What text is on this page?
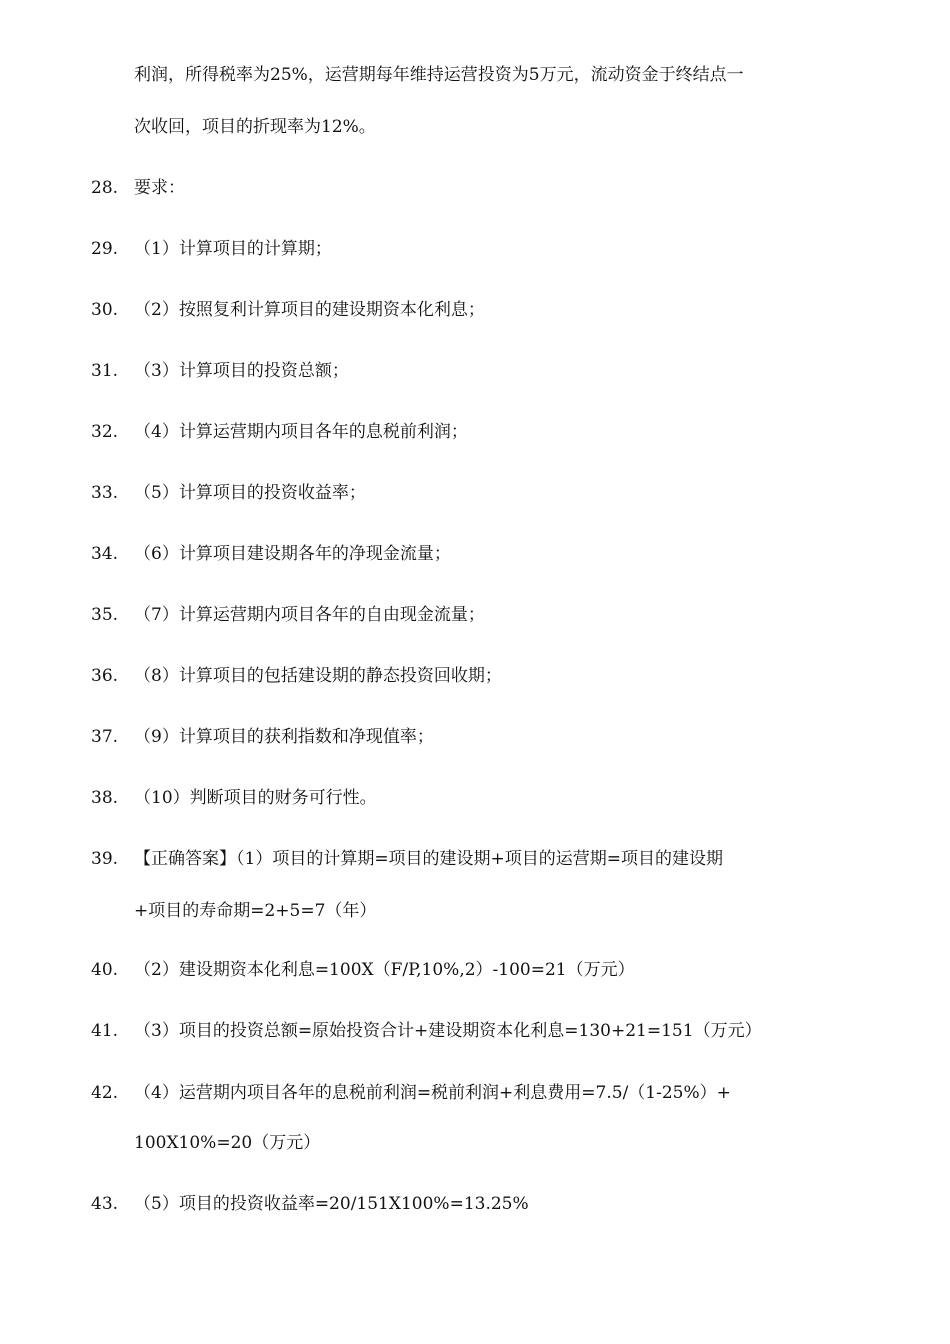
利润，所得税率为25%，运营期每年维持运营投资为5万元，流动资金于终结点一
次收回，项目的折现率为12%。
28. 要求：
29. （1）计算项目的计算期；
30. （2）按照复利计算项目的建设期资本化利息；
31. （3）计算项目的投资总额；
32. （4）计算运营期内项目各年的息税前利润；
33. （5）计算项目的投资收益率；
34. （6）计算项目建设期各年的净现金流量；
35. （7）计算运营期内项目各年的自由现金流量；
36. （8）计算项目的包括建设期的静态投资回收期；
37. （9）计算项目的获利指数和净现值率；
38. （10）判断项目的财务可行性。
39. 【正确答案】（1）项目的计算期=项目的建设期+项目的运营期=项目的建设期
+项目的寿命期=2+5=7（年）
40. （2）建设期资本化利息=100X（F/P,10%,2）-100=21（万元）
41. （3）项目的投资总额=原始投资合计+建设期资本化利息=130+21=151（万元）
42. （4）运营期内项目各年的息税前利润=税前利润+利息费用=7.5/（1-25%）+
100X10%=20（万元）
43. （5）项目的投资收益率=20/151X100%=13.25%
